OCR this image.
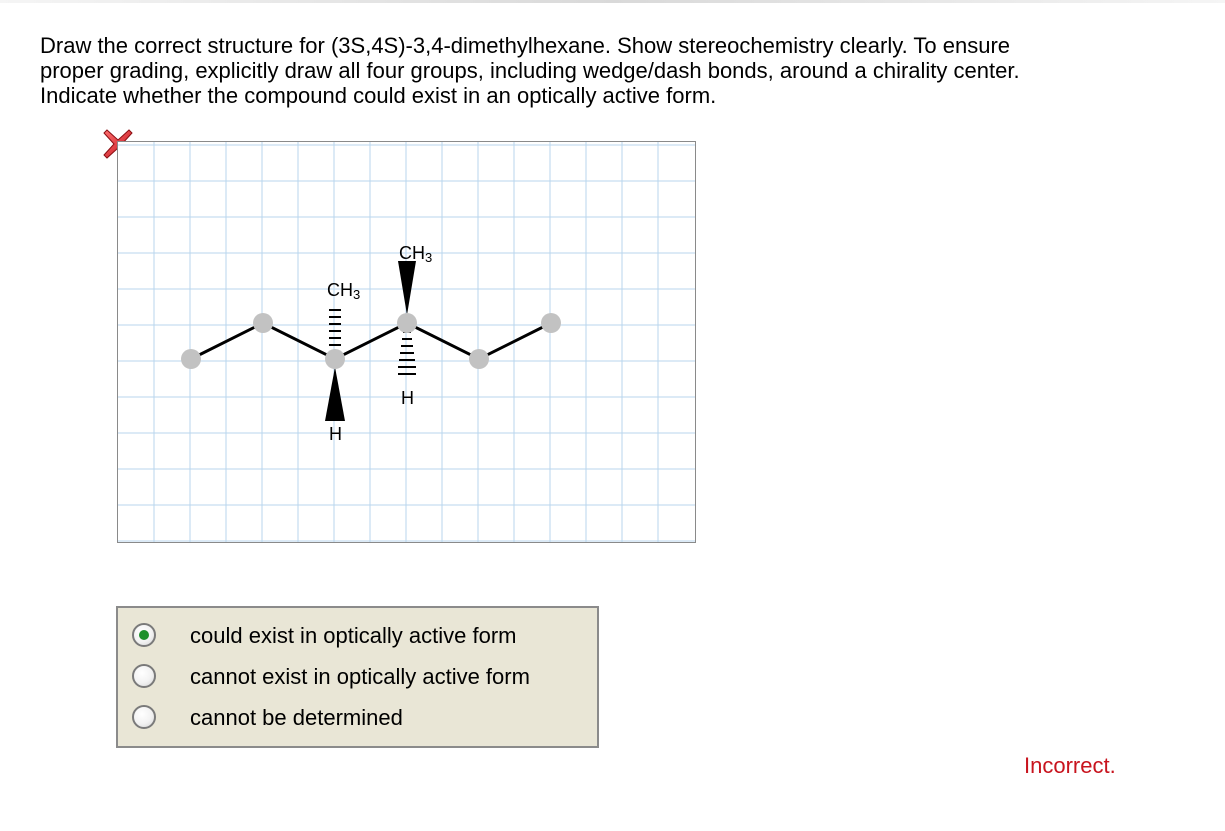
Draw the correct structure for (3S,4S)-3,4-dimethylhexane. Show stereochemistry clearly. To ensure
proper grading, explicitly draw all four groups, including wedge/dash bonds, around a chirality center.
Indicate whether the compound could exist in an optically active form.
CH3
CH3
H
H
could exist in optically active form
cannot exist in optically active form
cannot be determined
Incorrect.
